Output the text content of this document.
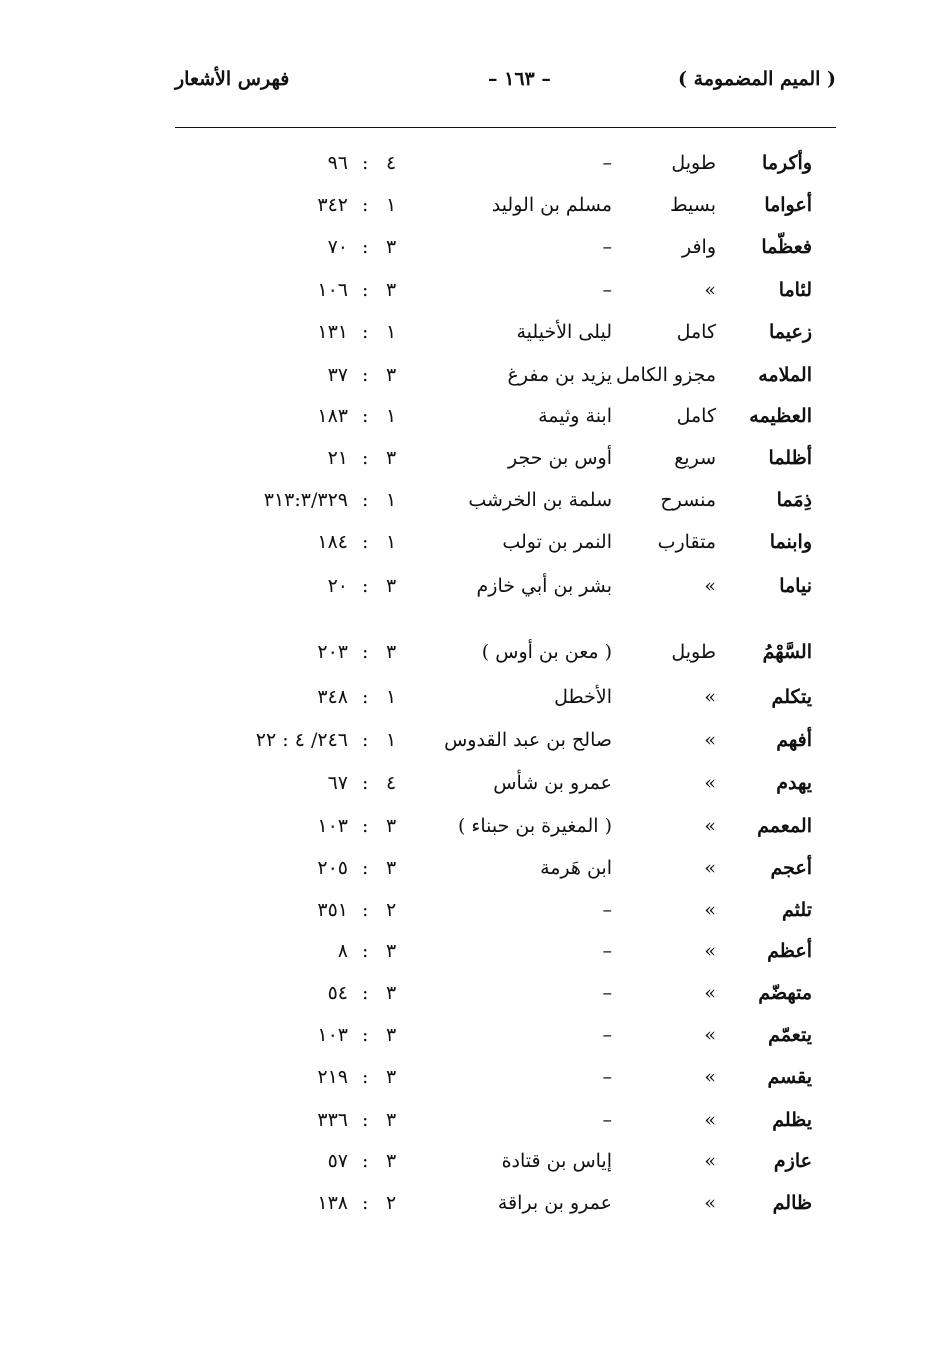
( الميم المضمومة )
– ١٦٣ –
فهرس الأشعار
وأكرما
طويل
–
٤
:
٩٦
أعواما
بسيط
مسلم بن الوليد
١
:
٣٤٢
فعظّما
وافر
–
٣
:
٧٠
لئاما
»
–
٣
:
١٠٦
زعيما
كامل
ليلى الأخيلية
١
:
١٣١
الملامه
مجزو الكامل
يزيد بن مفرغ
٣
:
٣٧
العظيمه
كامل
ابنة وثيمة
١
:
١٨٣
أظلما
سريع
أوس بن حجر
٣
:
٢١
ذِمَما
منسرح
سلمة بن الخرشب
١
:
٣١٣:٣/٣٢٩
وابنما
متقارب
النمر بن تولب
١
:
١٨٤
نياما
»
بشر بن أبي خازم
٣
:
٢٠
السَّهْمُ
طويل
( معن بن أوس )
٣
:
٢٠٣
يتكلم
»
الأخطل
١
:
٣٤٨
أفهم
»
صالح بن عبد القدوس
١
:
٢٤٦/ ٤ : ٢٢
يهدم
»
عمرو بن شأس
٤
:
٦٧
المعمم
»
( المغيرة بن حبناء )
٣
:
١٠٣
أعجم
»
ابن هَرمة
٣
:
٢٠٥
تلثم
»
–
٢
:
٣٥١
أعظم
»
–
٣
:
٨
متهضّم
»
–
٣
:
٥٤
يتعمّم
»
–
٣
:
١٠٣
يقسم
»
–
٣
:
٢١٩
يظلم
»
–
٣
:
٣٣٦
عازم
»
إياس بن قتادة
٣
:
٥٧
ظالم
»
عمرو بن براقة
٢
:
١٣٨
